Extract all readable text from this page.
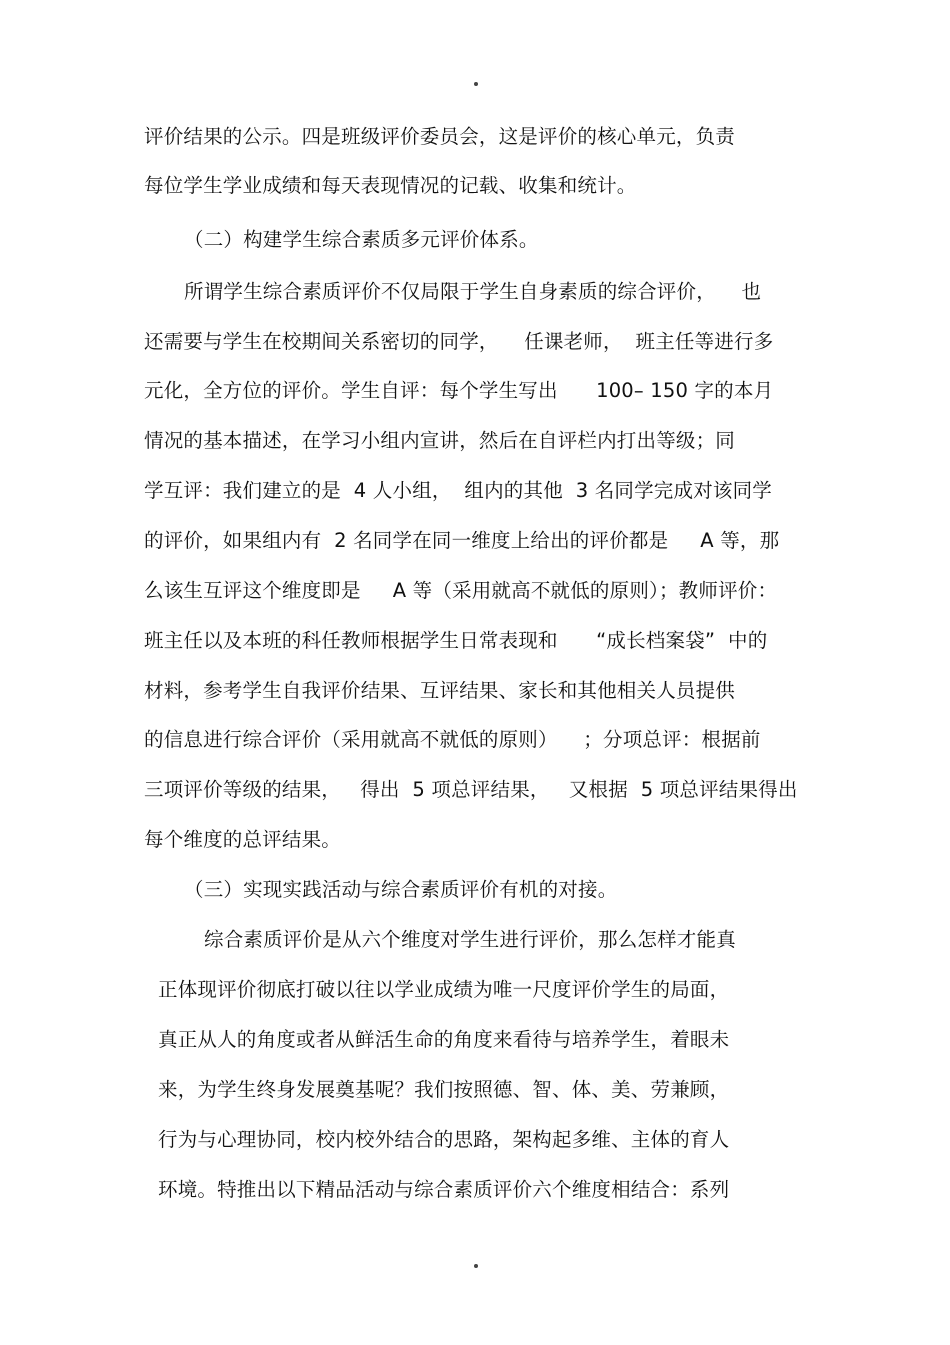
评价结果的公示。四是班级评价委员会，这是评价的核心单元，负责
每位学生学业成绩和每天表现情况的记载、收集和统计。
（二）构建学生综合素质多元评价体系。
所谓学生综合素质评价不仅局限于学生自身素质的综合评价，    也
还需要与学生在校期间关系密切的同学，    任课老师，  班主任等进行多
元化，全方位的评价。学生自评：每个学生写出      100– 150 字的本月
情况的基本描述，在学习小组内宣讲，然后在自评栏内打出等级；同
学互评：我们建立的是  4 人小组，  组内的其他  3 名同学完成对该同学
的评价，如果组内有  2 名同学在同一维度上给出的评价都是     A 等，那
么该生互评这个维度即是     A 等（采用就高不就低的原则）；教师评价：
班主任以及本班的科任教师根据学生日常表现和      “成长档案袋”  中的
材料，参考学生自我评价结果、互评结果、家长和其他相关人员提供
的信息进行综合评价（采用就高不就低的原则）    ；分项总评：根据前
三项评价等级的结果，   得出  5 项总评结果，   又根据  5 项总评结果得出
每个维度的总评结果。
（三）实现实践活动与综合素质评价有机的对接。
综合素质评价是从六个维度对学生进行评价，那么怎样才能真
正体现评价彻底打破以往以学业成绩为唯一尺度评价学生的局面，
真正从人的角度或者从鲜活生命的角度来看待与培养学生，着眼未
来，为学生终身发展奠基呢？我们按照德、智、体、美、劳兼顾，
行为与心理协同，校内校外结合的思路，架构起多维、主体的育人
环境。特推出以下精品活动与综合素质评价六个维度相结合：系列
